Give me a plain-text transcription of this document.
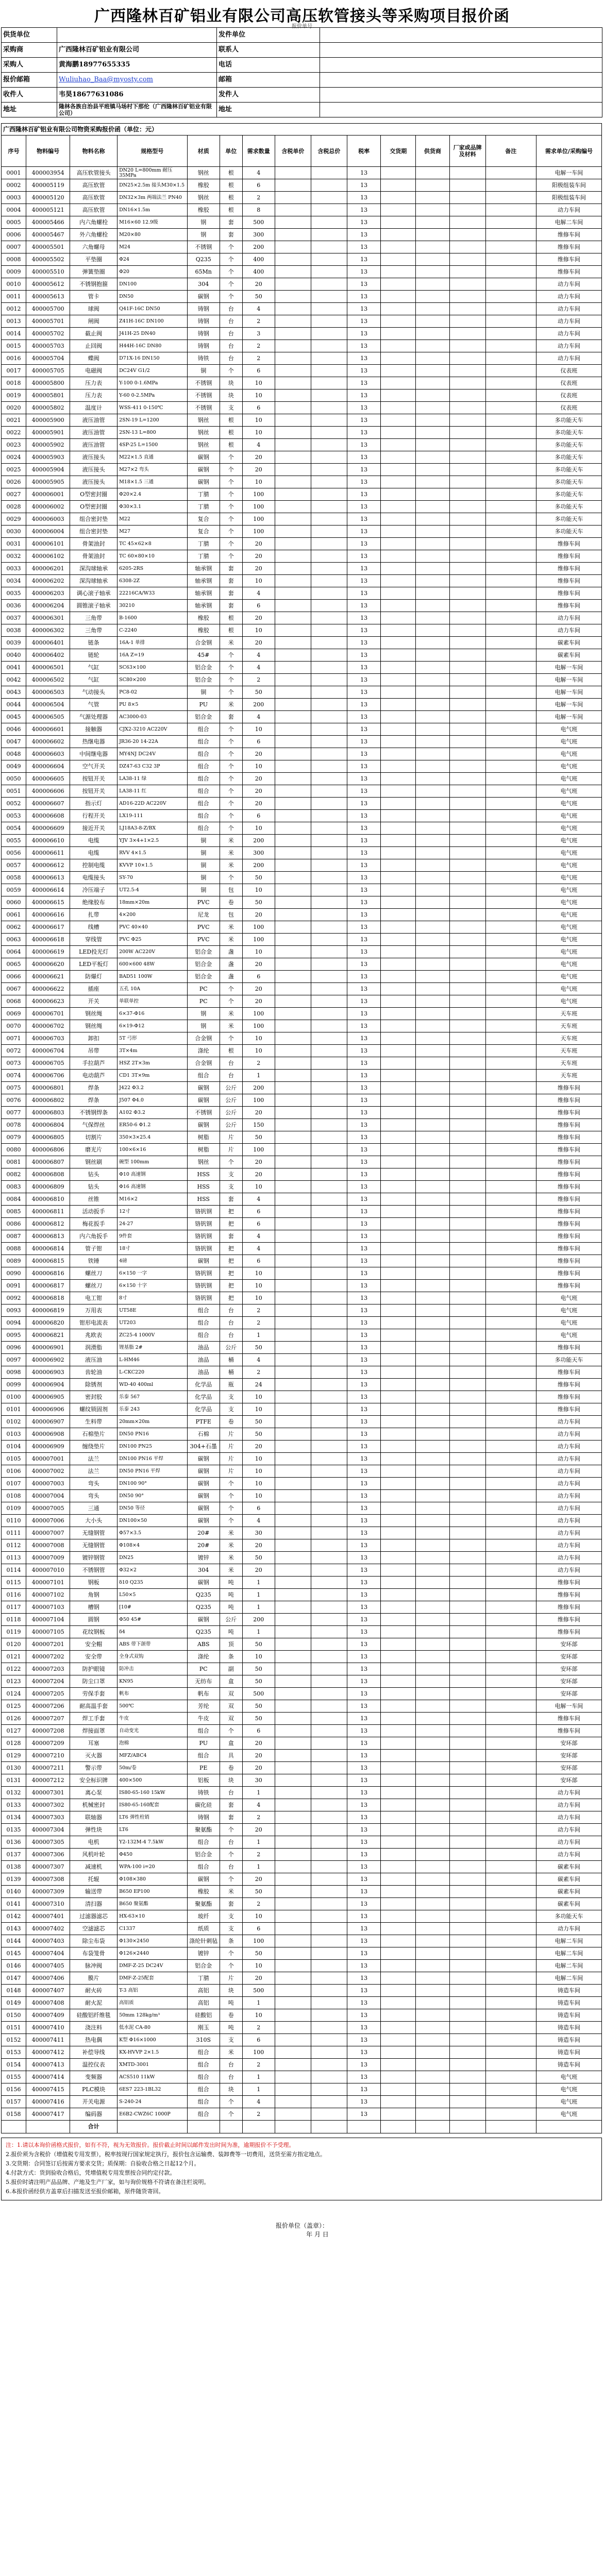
广西隆林百矿铝业有限公司高压软管接头等采购项目报价函
报价单号
供货单位		发件单位	
采购商	广西隆林百矿铝业有限公司	联系人	
采购人	黄海鹏18977655335	电话	
报价邮箱	Wuliuhao_Baa@myosty.com	邮箱	
收件人	韦昊18677631086	发件人	
地址	隆林各族自治县平班镇马场村下那伦（广西隆林百矿铝业有限公司）	地址	
广西隆林百矿铝业有限公司物资采购报价函（单位：元）														
序号	物料编号	物料名称	规格型号	材质	单位	需求数量	含税单价	含税总价	税率	交货期	供货商	厂家或品牌及材料	备注	需求单位/采购编号
0001	400003954	高压软管接头	DN20 L=800mm 耐压35MPa	钢丝	根	4			13					电解一车间
0002	400005119	高压软管	DN25×2.5m 接头M30×1.5	橡胶	根	6			13					阳极组装车间
0003	400005120	高压软管	DN32×3m 两端法兰 PN40	钢丝	根	2			13					阳极组装车间
0004	400005121	高压软管	DN16×1.5m	橡胶	根	8			13					动力车间
0005	400005466	内六角螺栓	M16×60 12.9级	钢	套	500			13					电解二车间
0006	400005467	外六角螺栓	M20×80	钢	套	300			13					维修车间
0007	400005501	六角螺母	M24	不锈钢	个	200			13					维修车间
0008	400005502	平垫圈	Φ24	Q235	个	400			13					维修车间
0009	400005510	弹簧垫圈	Φ20	65Mn	个	400			13					维修车间
0010	400005612	不锈钢抱箍	DN100	304	个	20			13					动力车间
0011	400005613	管卡	DN50	碳钢	个	50			13					动力车间
0012	400005700	球阀	Q41F-16C DN50	铸钢	台	4			13					动力车间
0013	400005701	闸阀	Z41H-16C DN100	铸钢	台	2			13					动力车间
0014	400005702	截止阀	J41H-25 DN40	铸钢	台	3			13					动力车间
0015	400005703	止回阀	H44H-16C DN80	铸钢	台	2			13					动力车间
0016	400005704	蝶阀	D71X-16 DN150	铸铁	台	2			13					动力车间
0017	400005705	电磁阀	DC24V G1/2	铜	个	6			13					仪表班
0018	400005800	压力表	Y-100 0-1.6MPa	不锈钢	块	10			13					仪表班
0019	400005801	压力表	Y-60 0-2.5MPa	不锈钢	块	10			13					仪表班
0020	400005802	温度计	WSS-411 0-150℃	不锈钢	支	6			13					仪表班
0021	400005900	液压油管	2SN-19 L=1200	钢丝	根	10			13					多功能天车
0022	400005901	液压油管	2SN-13 L=800	钢丝	根	10			13					多功能天车
0023	400005902	液压油管	4SP-25 L=1500	钢丝	根	4			13					多功能天车
0024	400005903	液压接头	M22×1.5 直通	碳钢	个	20			13					多功能天车
0025	400005904	液压接头	M27×2 弯头	碳钢	个	20			13					多功能天车
0026	400005905	液压接头	M18×1.5 三通	碳钢	个	10			13					多功能天车
0027	400006001	O型密封圈	Φ20×2.4	丁腈	个	100			13					多功能天车
0028	400006002	O型密封圈	Φ30×3.1	丁腈	个	100			13					多功能天车
0029	400006003	组合密封垫	M22	复合	个	100			13					多功能天车
0030	400006004	组合密封垫	M27	复合	个	100			13					多功能天车
0031	400006101	骨架油封	TC 45×62×8	丁腈	个	20			13					维修车间
0032	400006102	骨架油封	TC 60×80×10	丁腈	个	20			13					维修车间
0033	400006201	深沟球轴承	6205-2RS	轴承钢	套	20			13					维修车间
0034	400006202	深沟球轴承	6308-2Z	轴承钢	套	10			13					维修车间
0035	400006203	调心滚子轴承	22216CA/W33	轴承钢	套	4			13					维修车间
0036	400006204	圆锥滚子轴承	30210	轴承钢	套	6			13					维修车间
0037	400006301	三角带	B-1600	橡胶	根	20			13					动力车间
0038	400006302	三角带	C-2240	橡胶	根	10			13					动力车间
0039	400006401	链条	16A-1 单排	合金钢	米	20			13					碳素车间
0040	400006402	链轮	16A Z=19	45#	个	4			13					碳素车间
0041	400006501	气缸	SC63×100	铝合金	个	4			13					电解一车间
0042	400006502	气缸	SC80×200	铝合金	个	2			13					电解一车间
0043	400006503	气动接头	PC8-02	铜	个	50			13					电解一车间
0044	400006504	气管	PU 8×5	PU	米	200			13					电解一车间
0045	400006505	气源处理器	AC3000-03	铝合金	套	4			13					电解一车间
0046	400006601	接触器	CJX2-3210 AC220V	组合	个	10			13					电气班
0047	400006602	热继电器	JR36-20 14-22A	组合	个	6			13					电气班
0048	400006603	中间继电器	MY4NJ DC24V	组合	个	20			13					电气班
0049	400006604	空气开关	DZ47-63 C32 3P	组合	个	10			13					电气班
0050	400006605	按钮开关	LA38-11 绿	组合	个	20			13					电气班
0051	400006606	按钮开关	LA38-11 红	组合	个	20			13					电气班
0052	400006607	指示灯	AD16-22D AC220V	组合	个	20			13					电气班
0053	400006608	行程开关	LX19-111	组合	个	6			13					电气班
0054	400006609	接近开关	LJ18A3-8-Z/BX	组合	个	10			13					电气班
0055	400006610	电缆	YJV 3×4+1×2.5	铜	米	200			13					电气班
0056	400006611	电缆	RVV 4×1.5	铜	米	300			13					电气班
0057	400006612	控制电缆	KVVP 10×1.5	铜	米	200			13					电气班
0058	400006613	电缆接头	SY-70	铜	个	50			13					电气班
0059	400006614	冷压端子	UT2.5-4	铜	包	10			13					电气班
0060	400006615	绝缘胶布	18mm×20m	PVC	卷	50			13					电气班
0061	400006616	扎带	4×200	尼龙	包	20			13					电气班
0062	400006617	线槽	PVC 40×40	PVC	米	100			13					电气班
0063	400006618	穿线管	PVC Φ25	PVC	米	100			13					电气班
0064	400006619	LED投光灯	200W AC220V	铝合金	盏	10			13					电气班
0065	400006620	LED平板灯	600×600 48W	铝合金	盏	20			13					电气班
0066	400006621	防爆灯	BAD51 100W	铝合金	盏	6			13					电气班
0067	400006622	插座	五孔 10A	PC	个	20			13					电气班
0068	400006623	开关	单联单控	PC	个	20			13					电气班
0069	400006701	钢丝绳	6×37-Φ16	钢	米	100			13					天车班
0070	400006702	钢丝绳	6×19-Φ12	钢	米	100			13					天车班
0071	400006703	卸扣	5T 弓形	合金钢	个	10			13					天车班
0072	400006704	吊带	3T×4m	涤纶	根	10			13					天车班
0073	400006705	手拉葫芦	HSZ 2T×3m	合金钢	台	2			13					天车班
0074	400006706	电动葫芦	CD1 3T×9m	组合	台	1			13					天车班
0075	400006801	焊条	J422 Φ3.2	碳钢	公斤	200			13					维修车间
0076	400006802	焊条	J507 Φ4.0	碳钢	公斤	100			13					维修车间
0077	400006803	不锈钢焊条	A102 Φ3.2	不锈钢	公斤	20			13					维修车间
0078	400006804	气保焊丝	ER50-6 Φ1.2	碳钢	公斤	150			13					维修车间
0079	400006805	切割片	350×3×25.4	树脂	片	50			13					维修车间
0080	400006806	磨光片	100×6×16	树脂	片	100			13					维修车间
0081	400006807	钢丝刷	碗型 100mm	钢丝	个	20			13					维修车间
0082	400006808	钻头	Φ10 高速钢	HSS	支	20			13					维修车间
0083	400006809	钻头	Φ16 高速钢	HSS	支	10			13					维修车间
0084	400006810	丝锥	M16×2	HSS	套	4			13					维修车间
0085	400006811	活动扳手	12寸	铬钒钢	把	6			13					维修车间
0086	400006812	梅花扳手	24-27	铬钒钢	把	6			13					维修车间
0087	400006813	内六角扳手	9件套	铬钒钢	套	4			13					维修车间
0088	400006814	管子钳	18寸	铬钒钢	把	4			13					维修车间
0089	400006815	铁锤	4磅	碳钢	把	6			13					维修车间
0090	400006816	螺丝刀	6×150 一字	铬钒钢	把	10			13					维修车间
0091	400006817	螺丝刀	6×150 十字	铬钒钢	把	10			13					维修车间
0092	400006818	电工钳	8寸	铬钒钢	把	10			13					电气班
0093	400006819	万用表	UT58E	组合	台	2			13					电气班
0094	400006820	钳形电流表	UT203	组合	台	2			13					电气班
0095	400006821	兆欧表	ZC25-4 1000V	组合	台	1			13					电气班
0096	400006901	润滑脂	锂基脂 2#	油品	公斤	50			13					维修车间
0097	400006902	液压油	L-HM46	油品	桶	4			13					多功能天车
0098	400006903	齿轮油	L-CKC220	油品	桶	2			13					维修车间
0099	400006904	除锈剂	WD-40 400ml	化学品	瓶	24			13					维修车间
0100	400006905	密封胶	乐泰 567	化学品	支	10			13					维修车间
0101	400006906	螺纹锁固剂	乐泰 243	化学品	支	10			13					维修车间
0102	400006907	生料带	20mm×20m	PTFE	卷	50			13					动力车间
0103	400006908	石棉垫片	DN50 PN16	石棉	片	50			13					动力车间
0104	400006909	缠绕垫片	DN100 PN25	304+石墨	片	20			13					动力车间
0105	400007001	法兰	DN100 PN16 平焊	碳钢	片	10			13					动力车间
0106	400007002	法兰	DN50 PN16 平焊	碳钢	片	10			13					动力车间
0107	400007003	弯头	DN100 90°	碳钢	个	10			13					动力车间
0108	400007004	弯头	DN50 90°	碳钢	个	10			13					动力车间
0109	400007005	三通	DN50 等径	碳钢	个	6			13					动力车间
0110	400007006	大小头	DN100×50	碳钢	个	4			13					动力车间
0111	400007007	无缝钢管	Φ57×3.5	20#	米	30			13					动力车间
0112	400007008	无缝钢管	Φ108×4	20#	米	20			13					动力车间
0113	400007009	镀锌钢管	DN25	镀锌	米	50			13					动力车间
0114	400007010	不锈钢管	Φ32×2	304	米	20			13					动力车间
0115	400007101	钢板	δ10 Q235	碳钢	吨	1			13					维修车间
0116	400007102	角钢	L50×5	Q235	吨	1			13					维修车间
0117	400007103	槽钢	[10#	Q235	吨	1			13					维修车间
0118	400007104	圆钢	Φ50 45#	碳钢	公斤	200			13					维修车间
0119	400007105	花纹钢板	δ4	Q235	吨	1			13					维修车间
0120	400007201	安全帽	ABS 带下颌带	ABS	顶	50			13					安环部
0121	400007202	安全带	全身式双钩	涤纶	条	10			13					安环部
0122	400007203	防护眼镜	防冲击	PC	副	50			13					安环部
0123	400007204	防尘口罩	KN95	无纺布	盒	50			13					安环部
0124	400007205	劳保手套	帆布	帆布	双	500			13					安环部
0125	400007206	耐高温手套	500℃	芳纶	双	50			13					电解一车间
0126	400007207	焊工手套	牛皮	牛皮	双	50			13					维修车间
0127	400007208	焊接面罩	自动变光	组合	个	6			13					维修车间
0128	400007209	耳塞	泡棉	PU	盒	20			13					安环部
0129	400007210	灭火器	MFZ/ABC4	组合	具	20			13					安环部
0130	400007211	警示带	50m/卷	PE	卷	20			13					安环部
0131	400007212	安全标识牌	400×500	铝板	块	30			13					安环部
0132	400007301	离心泵	IS80-65-160 15kW	铸铁	台	1			13					动力车间
0133	400007302	机械密封	IS80-65-160配套	碳化硅	套	4			13					动力车间
0134	400007303	联轴器	LT6 弹性柱销	铸钢	套	2			13					动力车间
0135	400007304	弹性块	LT6	聚氨酯	个	20			13					动力车间
0136	400007305	电机	Y2-132M-4 7.5kW	组合	台	1			13					动力车间
0137	400007306	风机叶轮	Φ450	铝合金	个	2			13					动力车间
0138	400007307	减速机	WPA-100 i=20	组合	台	1			13					碳素车间
0139	400007308	托辊	Φ108×380	碳钢	个	20			13					碳素车间
0140	400007309	输送带	B650 EP100	橡胶	米	50			13					碳素车间
0141	400007310	清扫器	B650 聚氨酯	聚氨酯	套	2			13					碳素车间
0142	400007401	过滤器滤芯	HX-63×10	玻纤	支	10			13					多功能天车
0143	400007402	空滤滤芯	C1337	纸质	支	6			13					动力车间
0144	400007403	除尘布袋	Φ130×2450	涤纶针刺毡	条	100			13					电解二车间
0145	400007404	布袋笼骨	Φ126×2440	镀锌	个	50			13					电解二车间
0146	400007405	脉冲阀	DMF-Z-25 DC24V	铝合金	个	10			13					电解二车间
0147	400007406	膜片	DMF-Z-25配套	丁腈	片	20			13					电解二车间
0148	400007407	耐火砖	T-3 高铝	高铝	块	500			13					铸造车间
0149	400007408	耐火泥	高铝质	高铝	吨	1			13					铸造车间
0150	400007409	硅酸铝纤维毯	50mm 128kg/m³	硅酸铝	卷	10			13					铸造车间
0151	400007410	浇注料	低水泥 CA-80	刚玉	吨	2			13					铸造车间
0152	400007411	热电偶	K型 Φ16×1000	310S	支	6			13					铸造车间
0153	400007412	补偿导线	KX-HVVP 2×1.5	组合	米	100			13					铸造车间
0154	400007413	温控仪表	XMTD-3001	组合	台	2			13					铸造车间
0155	400007414	变频器	ACS510 11kW	组合	台	1			13					电气班
0156	400007415	PLC模块	6ES7 223-1BL32	组合	块	1			13					电气班
0157	400007416	开关电源	S-240-24	组合	个	4			13					电气班
0158	400007417	编码器	E6B2-CWZ6C 1000P	组合	个	2			13					电气班
		合计												

注：1.请以本询价函格式报价，如有不符，视为无效报价。报价截止时间以邮件发出时间为准，逾期报价不予受理。

2.报价须为含税价（增值税专用发票），税率按现行国家规定执行，报价包含运输费、装卸费等一切费用，送货至需方指定地点。

3.交货期：合同签订后按需方要求交货；质保期：自验收合格之日起12个月。

4.付款方式：货到验收合格后，凭增值税专用发票按合同约定付款。

5.报价时请注明产品品牌、产地及生产厂家，如与询价规格不符请在备注栏说明。

6.本报价函经供方盖章后扫描发送至报价邮箱，原件随货寄回。

报价单位（盖章）：
年 月 日
